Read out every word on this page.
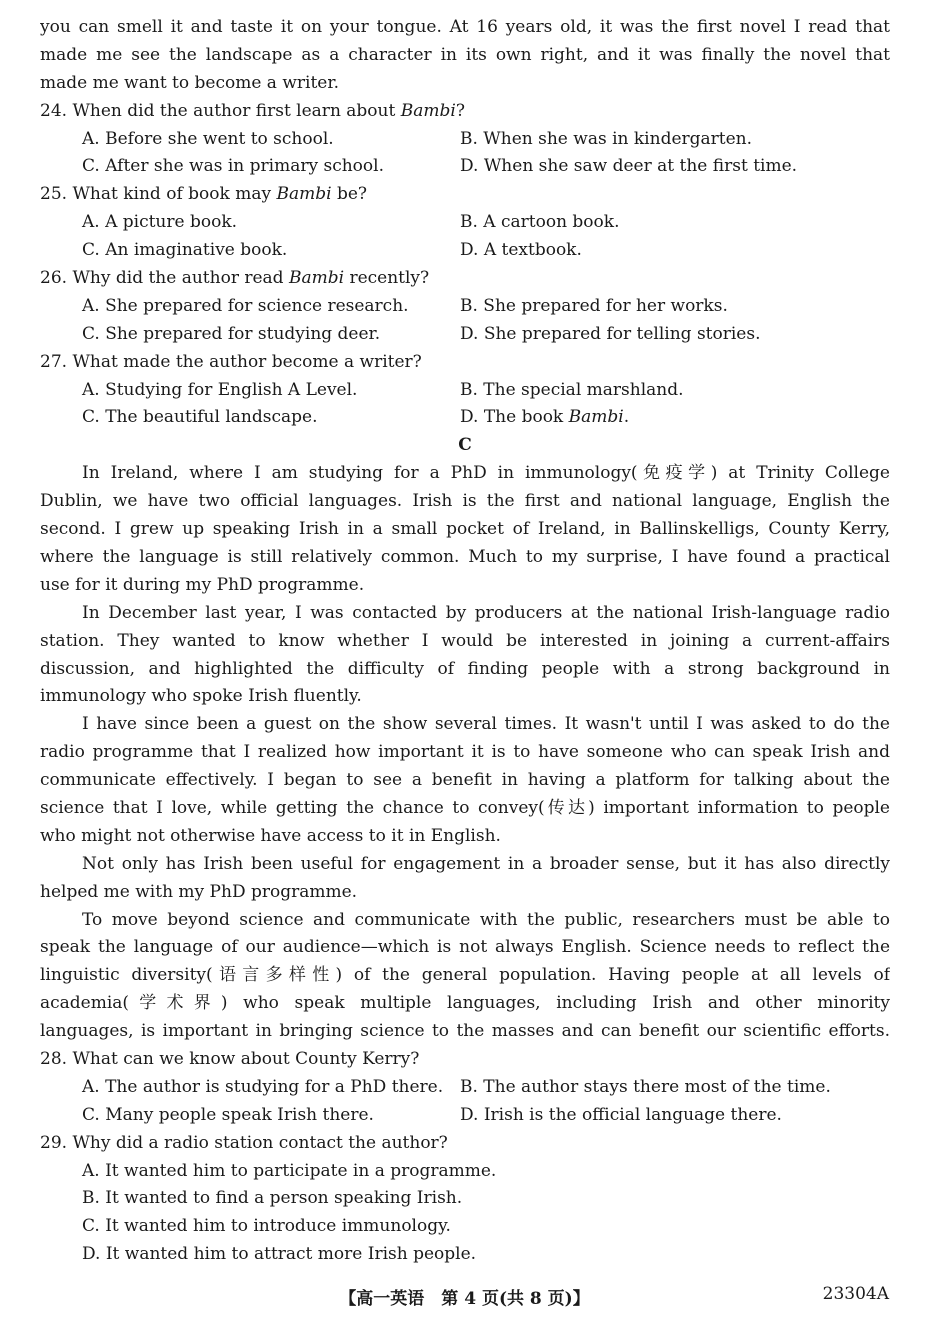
you can smell it and taste it on your tongue. At 16 years old, it was the first novel I read that
made me see the landscape as a character in its own right, and it was finally the novel that
made me want to become a writer.
24. When did the author first learn about Bambi?
A. Before she went to school.	B. When she was in kindergarten.
C. After she was in primary school.	D. When she saw deer at the first time.
25. What kind of book may Bambi be?
A. A picture book.	B. A cartoon book.
C. An imaginative book.	D. A textbook.
26. Why did the author read Bambi recently?
A. She prepared for science research.	B. She prepared for her works.
C. She prepared for studying deer.	D. She prepared for telling stories.
27. What made the author become a writer?
A. Studying for English A Level.	B. The special marshland.
C. The beautiful landscape.	D. The book Bambi.
C
In Ireland, where I am studying for a PhD in immunology(免疫学) at Trinity College
Dublin, we have two official languages. Irish is the first and national language, English the
second. I grew up speaking Irish in a small pocket of Ireland, in Ballinskelligs, County Kerry,
where the language is still relatively common. Much to my surprise, I have found a practical
use for it during my PhD programme.
In December last year, I was contacted by producers at the national Irish-language radio
station. They wanted to know whether I would be interested in joining a current-affairs
discussion, and highlighted the difficulty of finding people with a strong background in
immunology who spoke Irish fluently.
I have since been a guest on the show several times. It wasn't until I was asked to do the
radio programme that I realized how important it is to have someone who can speak Irish and
communicate effectively. I began to see a benefit in having a platform for talking about the
science that I love, while getting the chance to convey(传达) important information to people
who might not otherwise have access to it in English.
Not only has Irish been useful for engagement in a broader sense, but it has also directly
helped me with my PhD programme.
To move beyond science and communicate with the public, researchers must be able to
speak the language of our audience—which is not always English. Science needs to reflect the
linguistic diversity(语言多样性) of the general population. Having people at all levels of
academia(学术界) who speak multiple languages, including Irish and other minority
languages, is important in bringing science to the masses and can benefit our scientific efforts.
28. What can we know about County Kerry?
A. The author is studying for a PhD there. B. The author stays there most of the time.
C. Many people speak Irish there.	D. Irish is the official language there.
29. Why did a radio station contact the author?
A. It wanted him to participate in a programme.
B. It wanted to find a person speaking Irish.
C. It wanted him to introduce immunology.
D. It wanted him to attract more Irish people.
【高一英语　第 4 页(共 8 页)】	23304A
